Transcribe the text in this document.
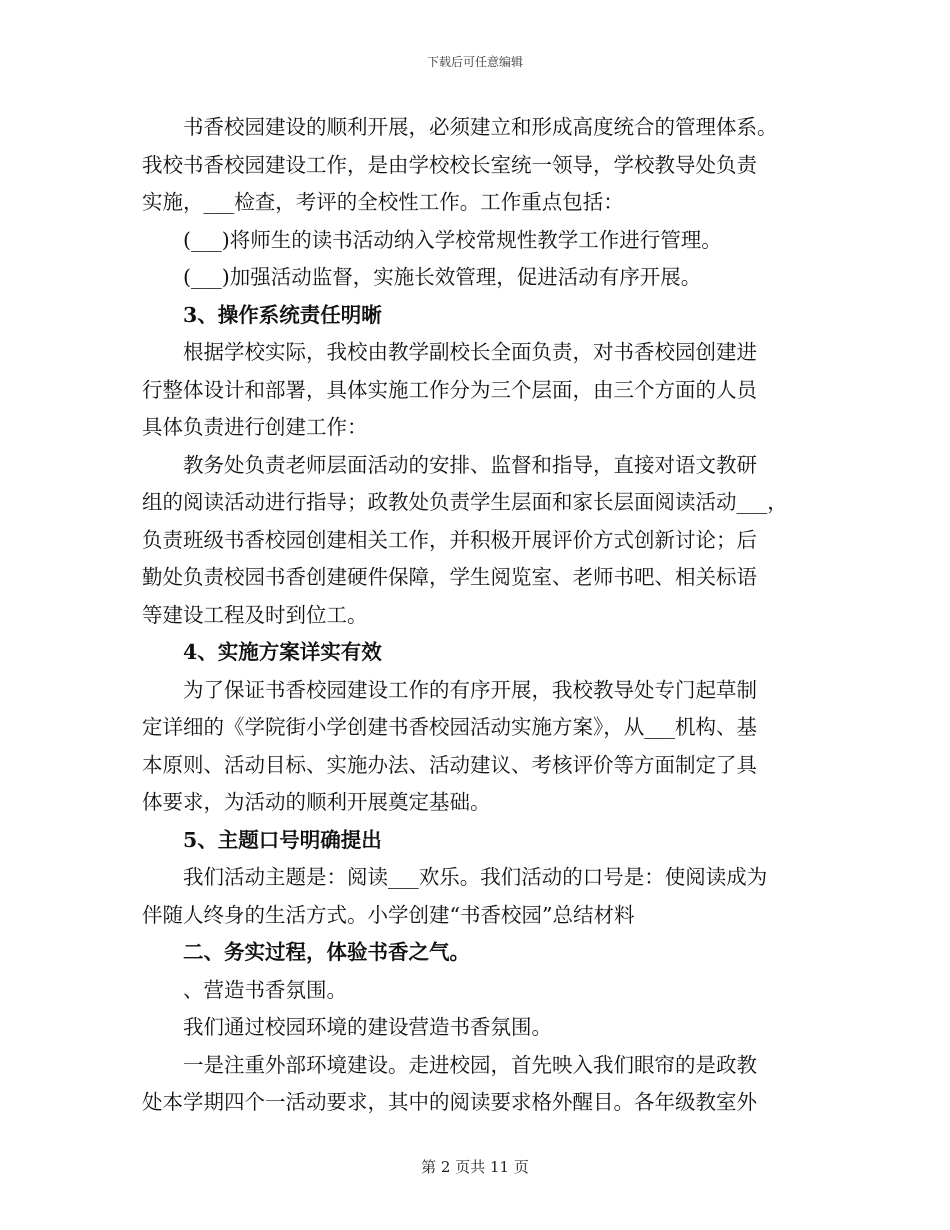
下载后可任意编辑
书香校园建设的顺利开展，必须建立和形成高度统合的管理体系。
我校书香校园建设工作，是由学校校长室统一领导，学校教导处负责
实施，___检查，考评的全校性工作。工作重点包括：
(___)将师生的读书活动纳入学校常规性教学工作进行管理。
(___)加强活动监督，实施长效管理，促进活动有序开展。
3、操作系统责任明晰
根据学校实际，我校由教学副校长全面负责，对书香校园创建进
行整体设计和部署，具体实施工作分为三个层面，由三个方面的人员
具体负责进行创建工作：
教务处负责老师层面活动的安排、监督和指导，直接对语文教研
组的阅读活动进行指导；政教处负责学生层面和家长层面阅读活动___，
负责班级书香校园创建相关工作，并积极开展评价方式创新讨论；后
勤处负责校园书香创建硬件保障，学生阅览室、老师书吧、相关标语
等建设工程及时到位工。
4、实施方案详实有效
为了保证书香校园建设工作的有序开展，我校教导处专门起草制
定详细的《学院街小学创建书香校园活动实施方案》，从___机构、基
本原则、活动目标、实施办法、活动建议、考核评价等方面制定了具
体要求，为活动的顺利开展奠定基础。
5、主题口号明确提出
我们活动主题是：阅读___欢乐。我们活动的口号是：使阅读成为
伴随人终身的生活方式。小学创建“书香校园”总结材料
二、务实过程，体验书香之气。
、营造书香氛围。
我们通过校园环境的建设营造书香氛围。
一是注重外部环境建设。走进校园，首先映入我们眼帘的是政教
处本学期四个一活动要求，其中的阅读要求格外醒目。各年级教室外
第 2 页共 11 页
